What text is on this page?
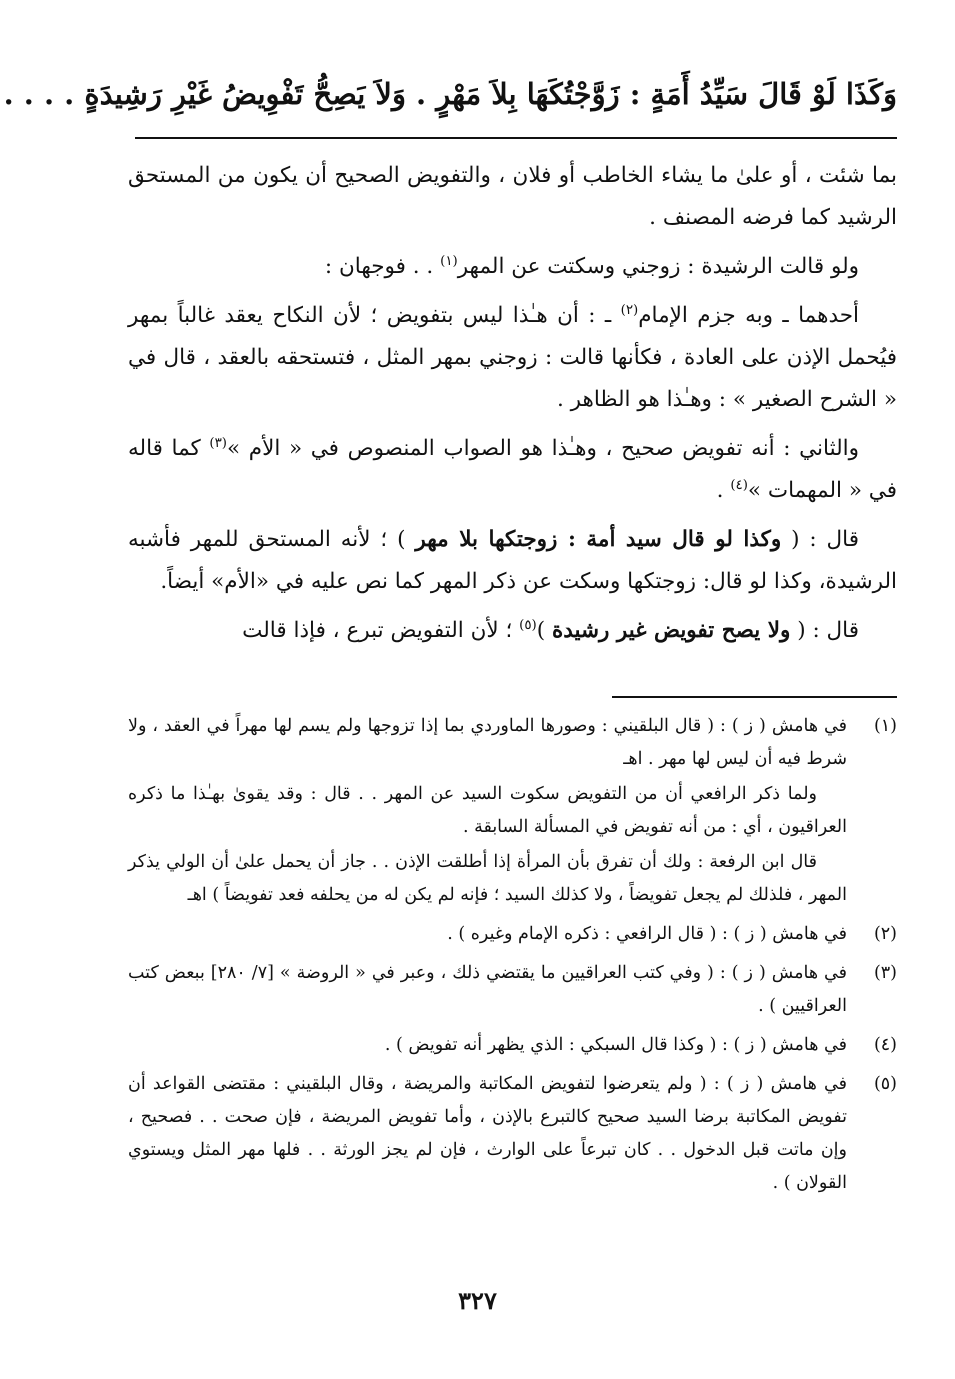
وَكَذَا لَوْ قَالَ سَيِّدُ أَمَةٍ : زَوَّجْتُكَهَا بِلاَ مَهْرٍ . وَلاَ يَصِحُّ تَفْوِيضُ غَيْرِ رَشِيدَةٍ . . . .

بما شئت ، أو علىٰ ما يشاء الخاطب أو فلان ، والتفويض الصحيح أن يكون من المستحق الرشيد كما فرضه المصنف .

ولو قالت الرشيدة : زوجني وسكتت عن المهر$^{(١)}$ . . فوجهان :

أحدهما ـ وبه جزم الإمام$^{(٢)}$ ـ : أن هـٰذا ليس بتفويض ؛ لأن النكاح يعقد غالباً بمهر فيُحمل الإذن على العادة ، فكأنها قالت : زوجني بمهر المثل ، فتستحقه بالعقد ، قال في « الشرح الصغير » : وهـٰذا هو الظاهر .

والثاني : أنه تفويض صحيح ، وهـٰذا هو الصواب المنصوص في « الأم »$^{(٣)}$ كما قاله في « المهمات »$^{(٤)}$ .

قال : ( وكذا لو قال سيد أمة : زوجتكها بلا مهر ) ؛ لأنه المستحق للمهر فأشبه الرشيدة، وكذا لو قال: زوجتكها وسكت عن ذكر المهر كما نص عليه في «الأم» أيضاً.

قال : ( ولا يصح تفويض غير رشيدة )$^{(٥)}$ ؛ لأن التفويض تبرع ، فإذا قالت

(١)

في هامش ( ز ) : ( قال البلقيني : وصورها الماوردي بما إذا تزوجها ولم يسم لها مهراً في العقد ، ولا شرط فيه أن ليس لها مهر . اهـ

ولما ذكر الرافعي أن من التفويض سكوت السيد عن المهر . . قال : وقد يقوىٰ بهـٰذا ما ذكره العراقيون ، أي : من أنه تفويض في المسألة السابقة .

قال ابن الرفعة : ولك أن تفرق بأن المرأة إذا أطلقت الإذن . . جاز أن يحمل علىٰ أن الولي يذكر المهر ، فلذلك لم يجعل تفويضاً ، ولا كذلك السيد ؛ فإنه لم يكن له من يحلفه فعد تفويضاً ) اهـ

(٢)

في هامش ( ز ) : ( قال الرافعي : ذكره الإمام وغيره ) .

(٣)

في هامش ( ز ) : ( وفي كتب العراقيين ما يقتضي ذلك ، وعبر في « الروضة » [٧/ ٢٨٠] ببعض كتب العراقيين ) .

(٤)

في هامش ( ز ) : ( وكذا قال السبكي : الذي يظهر أنه تفويض ) .

(٥)

في هامش ( ز ) : ( ولم يتعرضوا لتفويض المكاتبة والمريضة ، وقال البلقيني : مقتضى القواعد أن تفويض المكاتبة برضا السيد صحيح كالتبرع بالإذن ، وأما تفويض المريضة ، فإن صحت . . فصحيح ، وإن ماتت قبل الدخول . . كان تبرعاً على الوارث ، فإن لم يجز الورثة . . فلها مهر المثل ويستوي القولان ) .

٣٢٧
